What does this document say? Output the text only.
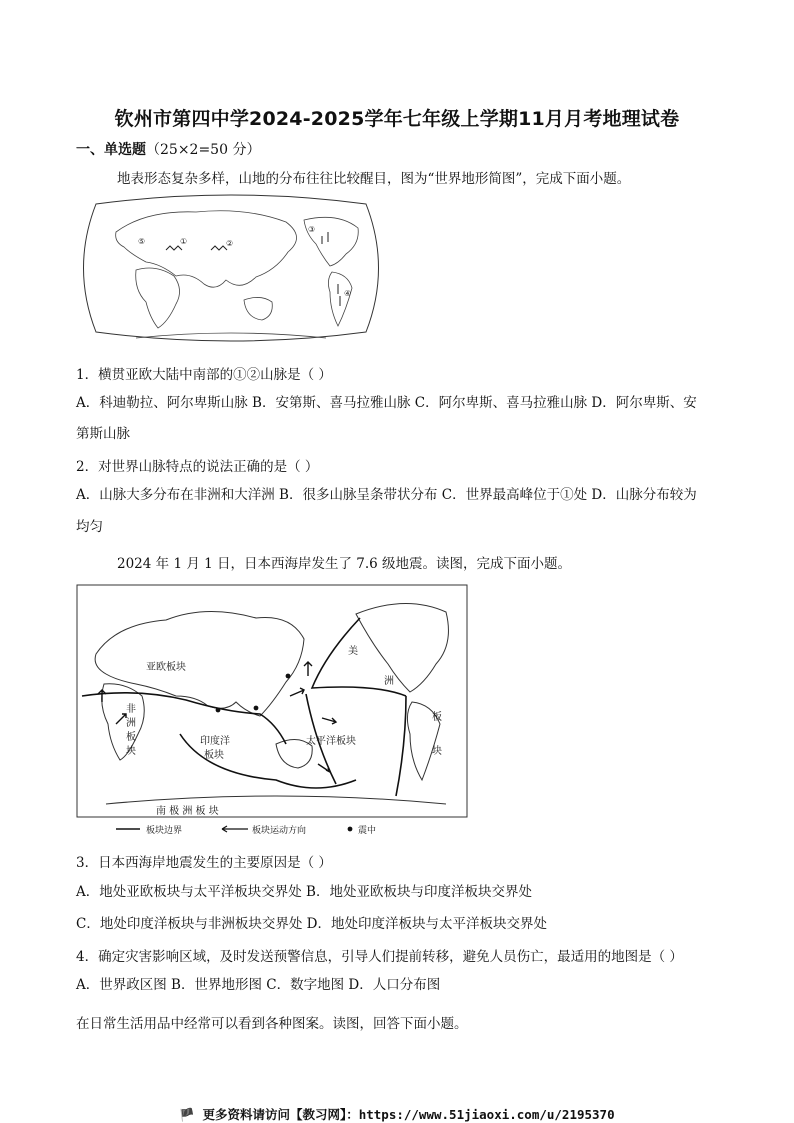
钦州市第四中学2024-2025学年七年级上学期11月月考地理试卷
一、单选题（25×2=50 分）
地表形态复杂多样，山地的分布往往比较醒目，图为“世界地形简图”，完成下面小题。
①	②
③
④
⑤
1．横贯亚欧大陆中南部的①②山脉是（ ）
A．科迪勒拉、阿尔卑斯山脉 B．安第斯、喜马拉雅山脉 C．阿尔卑斯、喜马拉雅山脉 D．阿尔卑斯、安
第斯山脉
2．对世界山脉特点的说法正确的是（ ）
A．山脉大多分布在非洲和大洋洲 B．很多山脉呈条带状分布 C．世界最高峰位于①处 D．山脉分布较为
均匀
2024 年 1 月 1 日，日本西海岸发生了 7.6 级地震。读图，完成下面小题。
亚欧板块
非
洲
板
块
印度洋
板块
太平洋板块
美
洲
板
块
南 极 洲 板 块
板块边界	板块运动方向	震中
3．日本西海岸地震发生的主要原因是（ ）
A．地处亚欧板块与太平洋板块交界处 B．地处亚欧板块与印度洋板块交界处
C．地处印度洋板块与非洲板块交界处 D．地处印度洋板块与太平洋板块交界处
4．确定灾害影响区域，及时发送预警信息，引导人们提前转移，避免人员伤亡，最适用的地图是（ ）
A．世界政区图 B．世界地形图 C．数字地图 D．人口分布图
在日常生活用品中经常可以看到各种图案。读图，回答下面小题。
🏴 更多资料请访问【教习网】：https://www.51jiaoxi.com/u/2195370
